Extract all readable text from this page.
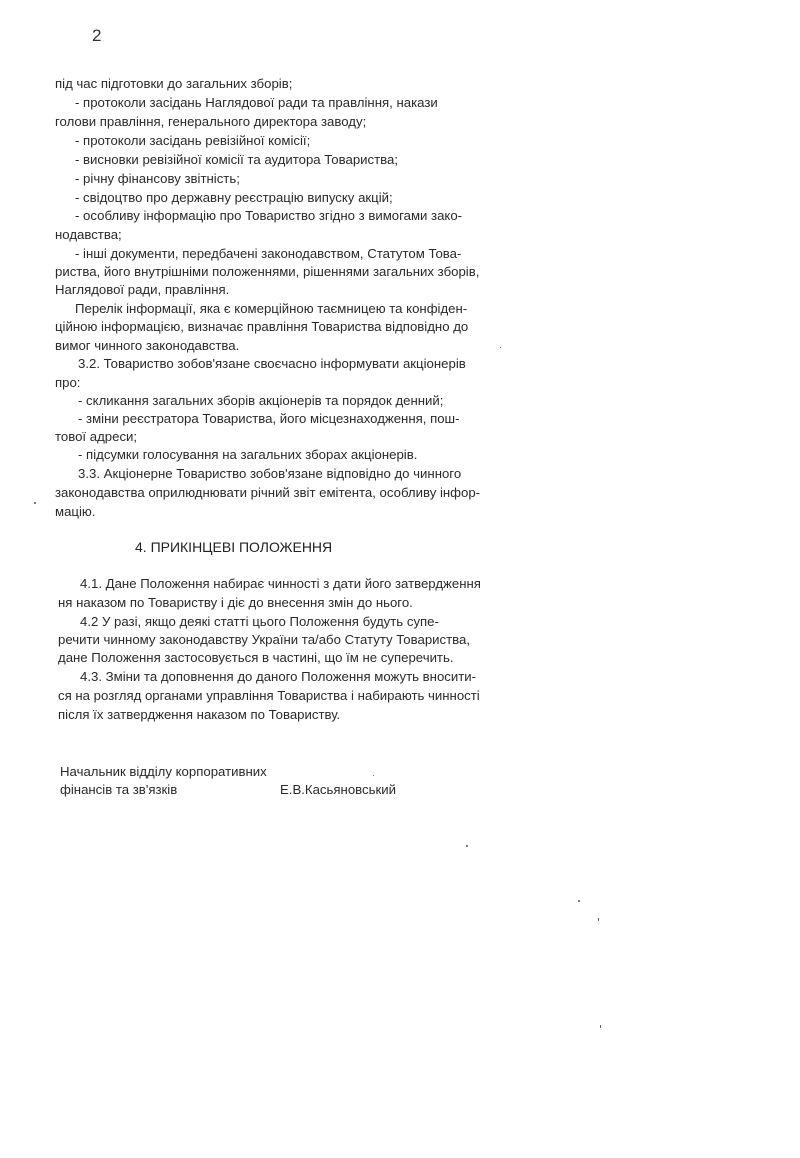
2
під час підготовки до загальних зборів;
- протоколи засідань Наглядової ради та правління, накази
голови правління, генерального директора заводу;
- протоколи засідань ревізійної комісії;
- висновки ревізійної комісії та аудитора Товариства;
- річну фінансову звітність;
- свідоцтво про державну реєстрацію випуску акцій;
- особливу інформацію про Товариство згідно з вимогами зако-
нодавства;
- інші документи, передбачені законодавством, Статутом Това-
риства, його внутрішніми положеннями, рішеннями загальних зборів,
Наглядової ради, правління.
Перелік інформації, яка є комерційною таємницею та конфіден-
ційною інформацією, визначає правління Товариства відповідно до
вимог чинного законодавства.
3.2. Товариство зобов'язане своєчасно інформувати акціонерів
про:
- скликання загальних зборів акціонерів та порядок денний;
- зміни реєстратора Товариства, його місцезнаходження, пош-
тової адреси;
- підсумки голосування на загальних зборах акціонерів.
3.3. Акціонерне Товариство зобов'язане відповідно до чинного
законодавства оприлюднювати річний звіт емітента, особливу інфор-
мацію.
4. ПРИКІНЦЕВІ ПОЛОЖЕННЯ
4.1. Дане Положення набирає чинності з дати його затвердження
ня наказом по Товариству і діє до внесення змін до нього.
4.2 У разі, якщо деякі статті цього Положення будуть супе-
речити чинному законодавству України та/або Статуту Товариства,
дане Положення застосовується в частині, що їм не суперечить.
4.3. Зміни та доповнення до даного Положення можуть вносити-
ся на розгляд органами управління Товариства і набирають чинності
після їх затвердження наказом по Товариству.
Начальник відділу корпоративних
фінансів та зв'язків	Е.В.Касьяновський
